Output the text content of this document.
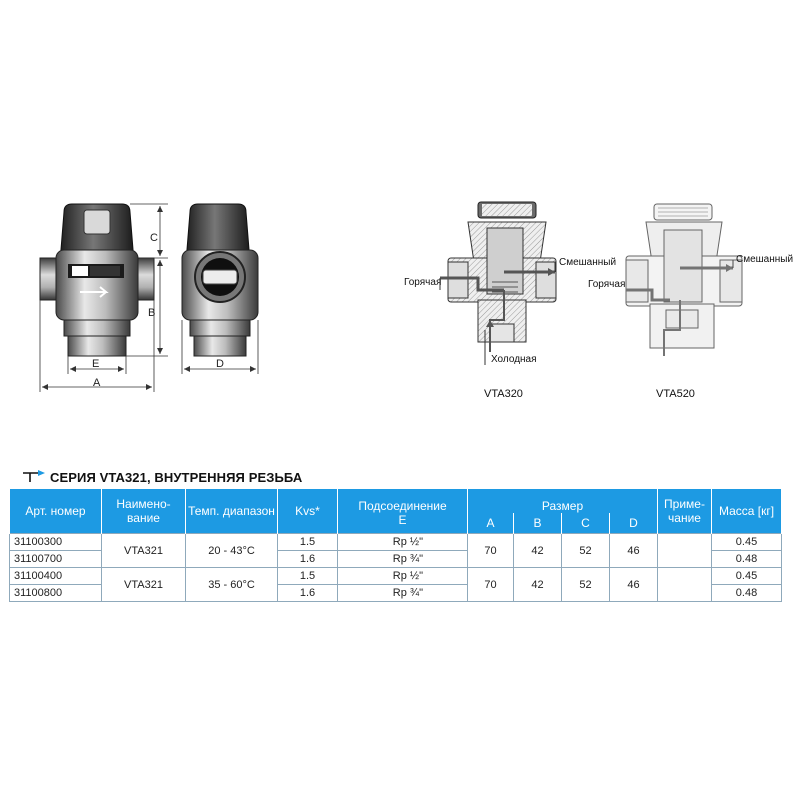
C
B
A
E	D
Горячая
Смешанный
Холодная
VTA320
Горячая
Смешанный
VTA520
СЕРИЯ VTA321, ВНУТРЕННЯЯ РЕЗЬБА
Арт. номер	Наимено-вание	Темп. диапазон	Kvs*	Подсоединение	Размер				Приме-чание	Масса [кг]
				E	A	B	C	D		
31100300	VTA321	20 - 43°C	1.5	Rp ½"	70	42	52	46		0.45
31100700			1.6	Rp ¾"						0.48
31100400	VTA321	35 - 60°C	1.5	Rp ½"	70	42	52	46		0.45
31100800			1.6	Rp ¾"						0.48
